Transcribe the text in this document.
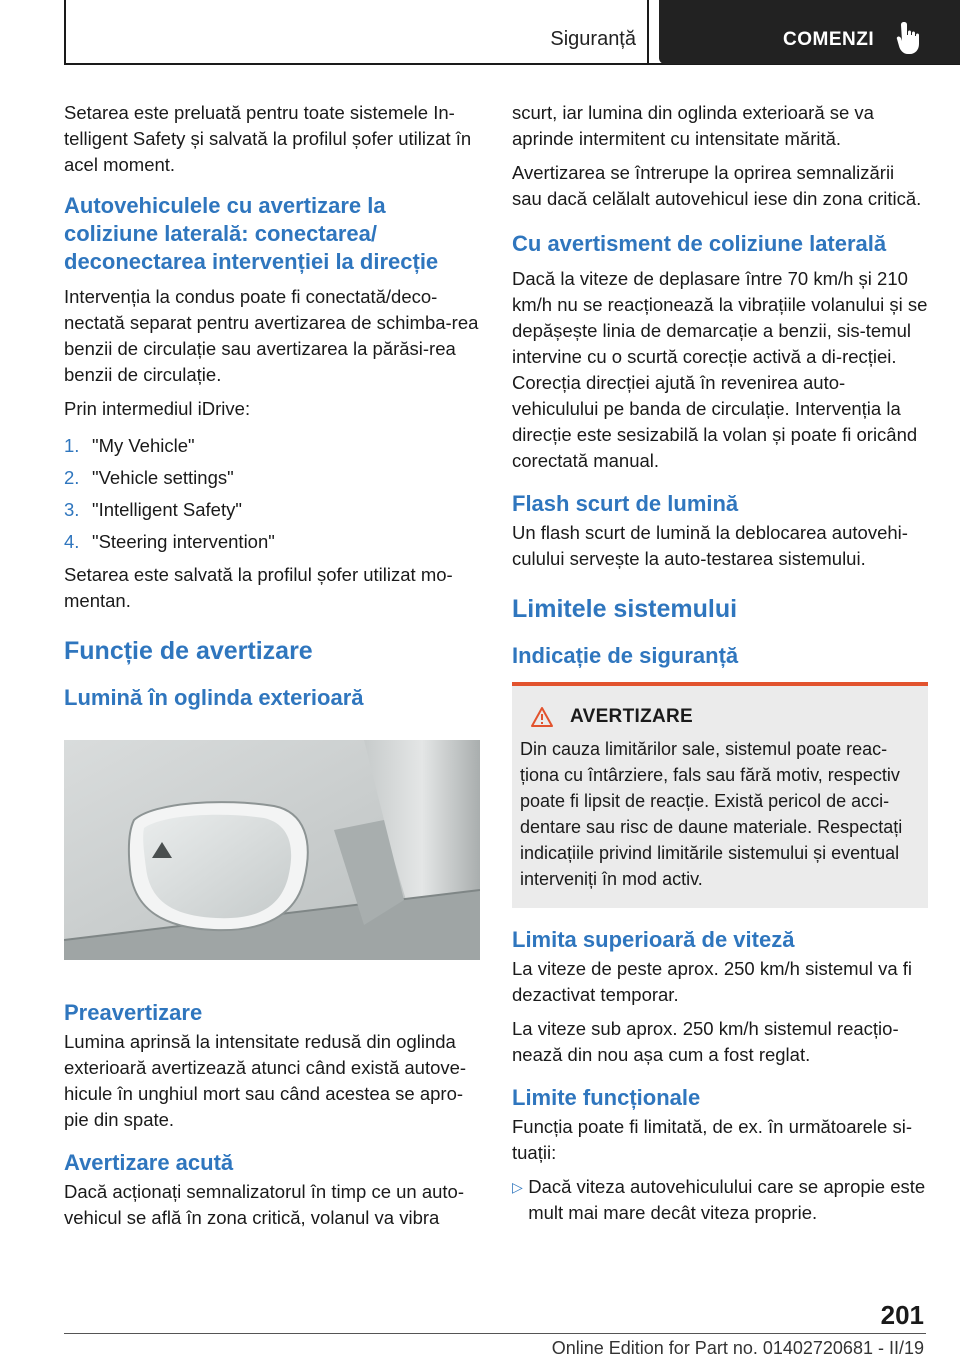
Siguranță	COMENZI

Setarea este preluată pentru toate sistemele In‐telligent Safety și salvată la profilul șofer utilizat în acel moment.

Autovehiculele cu avertizare la coliziune laterală: conectarea/ deconectarea intervenției la direcție

Intervenția la condus poate fi conectată/deco‐nectată separat pentru avertizarea de schimba‐rea benzii de circulație sau avertizarea la părăsi‐rea benzii de circulație.

Prin intermediul iDrive:

1. "My Vehicle"
2. "Vehicle settings"
3. "Intelligent Safety"
4. "Steering intervention"

Setarea este salvată la profilul șofer utilizat mo‐mentan.

Funcție de avertizare
Lumină în oglinda exterioară
Preavertizare

Lumina aprinsă la intensitate redusă din oglinda exterioară avertizează atunci când există autove‐hicule în unghiul mort sau când acestea se apro‐pie din spate.

Avertizare acută

Dacă acționați semnalizatorul în timp ce un auto‐vehicul se află în zona critică, volanul va vibra

scurt, iar lumina din oglinda exterioară se va aprinde intermitent cu intensitate mărită.

Avertizarea se întrerupe la oprirea semnalizării sau dacă celălalt autovehicul iese din zona critică.

Cu avertisment de coliziune laterală

Dacă la viteze de deplasare între 70 km/h și 210 km/h nu se reacționează la vibrațiile volanului și se depășește linia de demarcație a benzii, sis‐temul intervine cu o scurtă corecție activă a di‐recției. Corecția direcției ajută în revenirea auto‐vehiculului pe banda de circulație. Intervenția la direcție este sesizabilă la volan și poate fi oricând corectată manual.

Flash scurt de lumină

Un flash scurt de lumină la deblocarea autovehi‐culului servește la auto-testarea sistemului.

Limitele sistemului
Indicație de siguranță
AVERTIZARE

Din cauza limitărilor sale, sistemul poate reac‐ționa cu întârziere, fals sau fără motiv, respectiv poate fi lipsit de reacție. Există pericol de acci‐dentare sau risc de daune materiale. Respectați indicațiile privind limitările sistemului și eventual interveniți în mod activ.

Limita superioară de viteză

La viteze de peste aprox. 250 km/h sistemul va fi dezactivat temporar.

La viteze sub aprox. 250 km/h sistemul reacțio‐nează din nou așa cum a fost reglat.

Limite funcționale

Funcția poate fi limitată, de ex. în următoarele si‐tuații:

▷ Dacă viteza autovehiculului care se apropie este mult mai mare decât viteza proprie.
201
Online Edition for Part no. 01402720681 - II/19
